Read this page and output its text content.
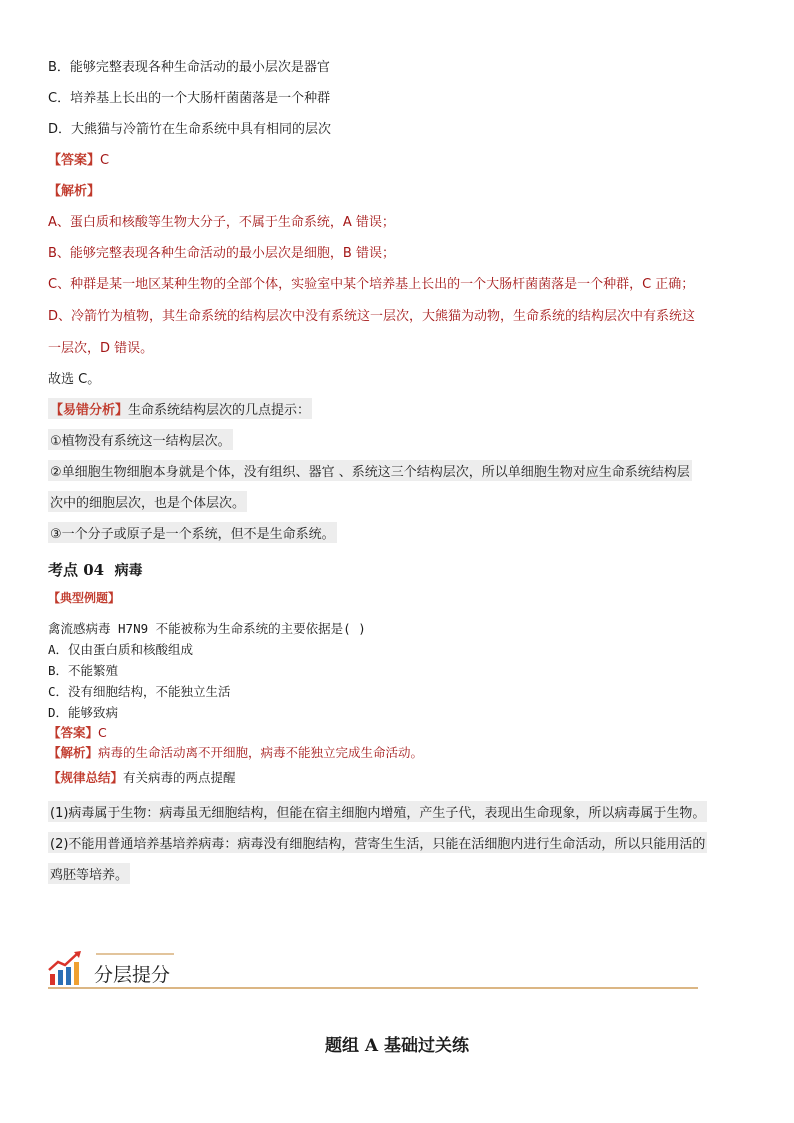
B．能够完整表现各种生命活动的最小层次是器官
C．培养基上长出的一个大肠杆菌菌落是一个种群
D．大熊猫与冷箭竹在生命系统中具有相同的层次
【答案】C
【解析】
A、蛋白质和核酸等生物大分子，不属于生命系统，A 错误；
B、能够完整表现各种生命活动的最小层次是细胞，B 错误；
C、种群是某一地区某种生物的全部个体，实验室中某个培养基上长出的一个大肠杆菌菌落是一个种群，C 正确；
D、冷箭竹为植物，其生命系统的结构层次中没有系统这一层次，大熊猫为动物，生命系统的结构层次中有系统这
一层次，D 错误。
故选 C。
【易错分析】生命系统结构层次的几点提示：
①植物没有系统这一结构层次。
②单细胞生物细胞本身就是个体，没有组织、器官 、系统这三个结构层次，所以单细胞生物对应生命系统结构层
次中的细胞层次，也是个体层次。
③一个分子或原子是一个系统，但不是生命系统。
考点 04 病毒
【典型例题】
禽流感病毒 H7N9 不能被称为生命系统的主要依据是( )
A．仅由蛋白质和核酸组成
B．不能繁殖
C．没有细胞结构，不能独立生活
D．能够致病
【答案】C
【解析】病毒的生命活动离不开细胞，病毒不能独立完成生命活动。
【规律总结】有关病毒的两点提醒
(1)病毒属于生物：病毒虽无细胞结构，但能在宿主细胞内增殖，产生子代，表现出生命现象，所以病毒属于生物。
(2)不能用普通培养基培养病毒：病毒没有细胞结构，营寄生生活，只能在活细胞内进行生命活动，所以只能用活的
鸡胚等培养。
分层提分
题组 A 基础过关练
